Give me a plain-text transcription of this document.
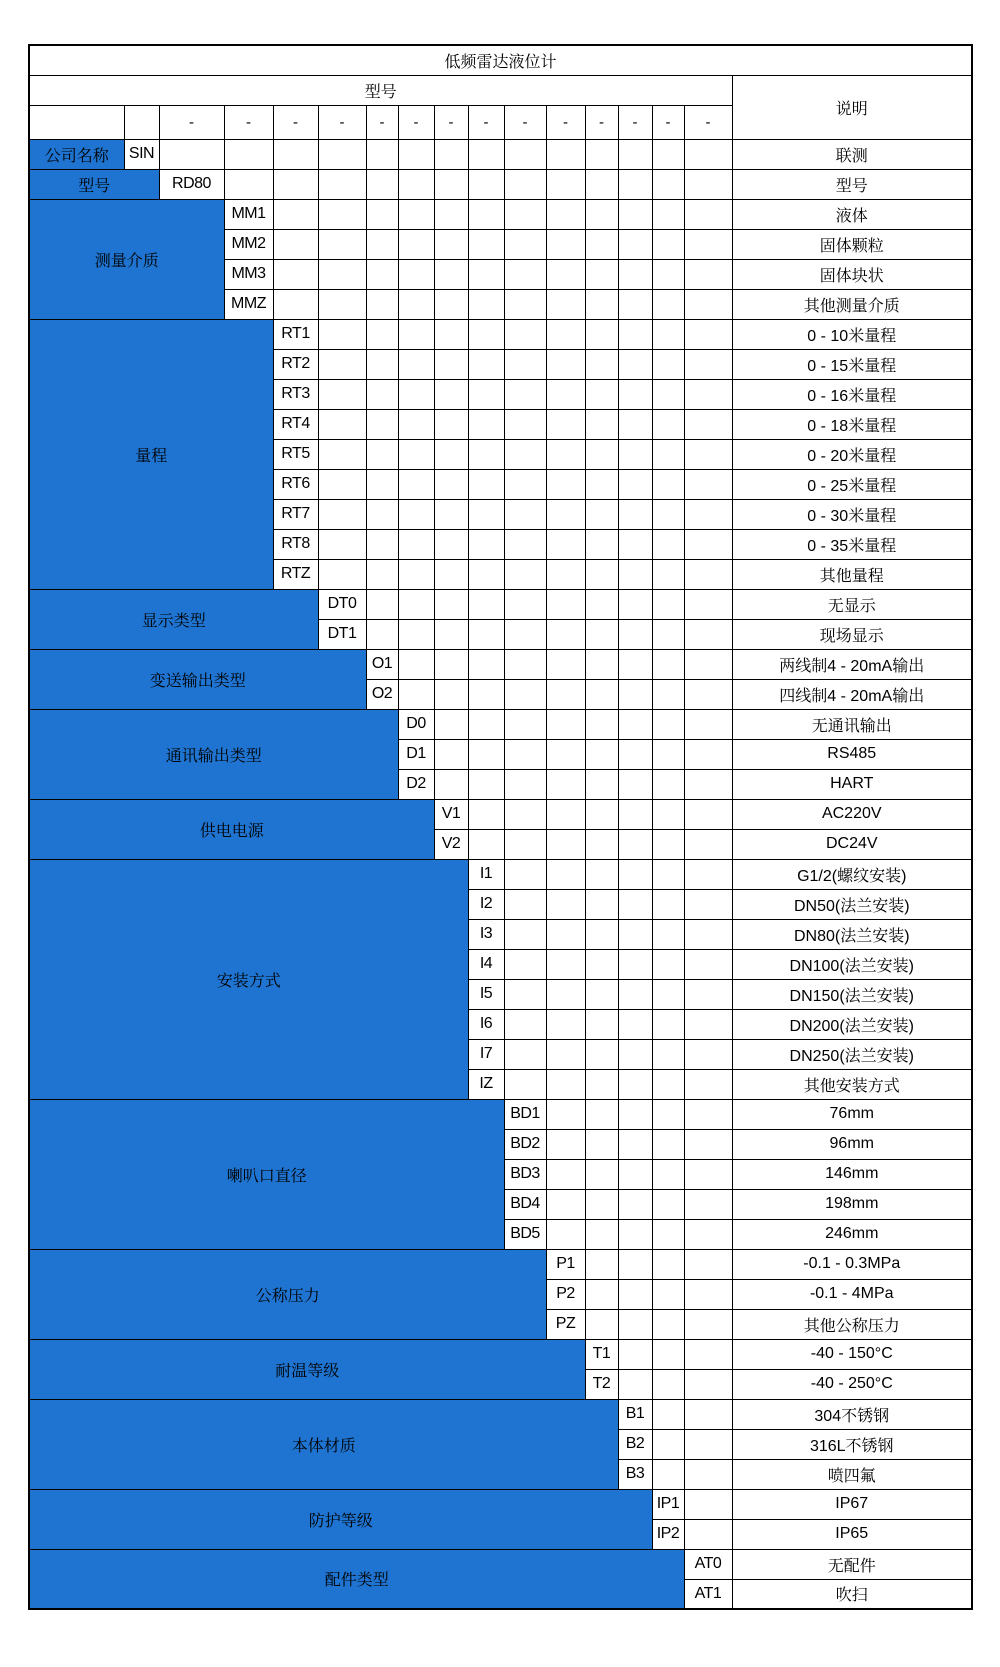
低频雷达液位计																
型号																说明
		-	-	-	-	-	-	-	-	-	-	-	-	-	-	
公司名称	SIN															联测
型号		RD80														型号
测量介质			MM1													液体
			MM2													固体颗粒
			MM3													固体块状
			MMZ													其他测量介质
量程				RT1												0 - 10米量程
				RT2												0 - 15米量程
				RT3												0 - 16米量程
				RT4												0 - 18米量程
				RT5												0 - 20米量程
				RT6												0 - 25米量程
				RT7												0 - 30米量程
				RT8												0 - 35米量程
				RTZ												其他量程
显示类型					DT0											无显示
					DT1											现场显示
变送输出类型						O1										两线制4 - 20mA输出
						O2										四线制4 - 20mA输出
通讯输出类型							D0									无通讯输出
							D1									RS485
							D2									HART
供电电源								V1								AC220V
								V2								DC24V
安装方式									I1							G1/2(螺纹安装)
									I2							DN50(法兰安装)
									I3							DN80(法兰安装)
									I4							DN100(法兰安装)
									I5							DN150(法兰安装)
									I6							DN200(法兰安装)
									I7							DN250(法兰安装)
									IZ							其他安装方式
喇叭口直径										BD1						76mm
										BD2						96mm
										BD3						146mm
										BD4						198mm
										BD5						246mm
公称压力											P1					-0.1 - 0.3MPa
											P2					-0.1 - 4MPa
											PZ					其他公称压力
耐温等级												T1				-40 - 150°C
												T2				-40 - 250°C
本体材质													B1			304不锈钢
													B2			316L不锈钢
													B3			喷四氟
防护等级														IP1		IP67
														IP2		IP65
配件类型															AT0	无配件
															AT1	吹扫
